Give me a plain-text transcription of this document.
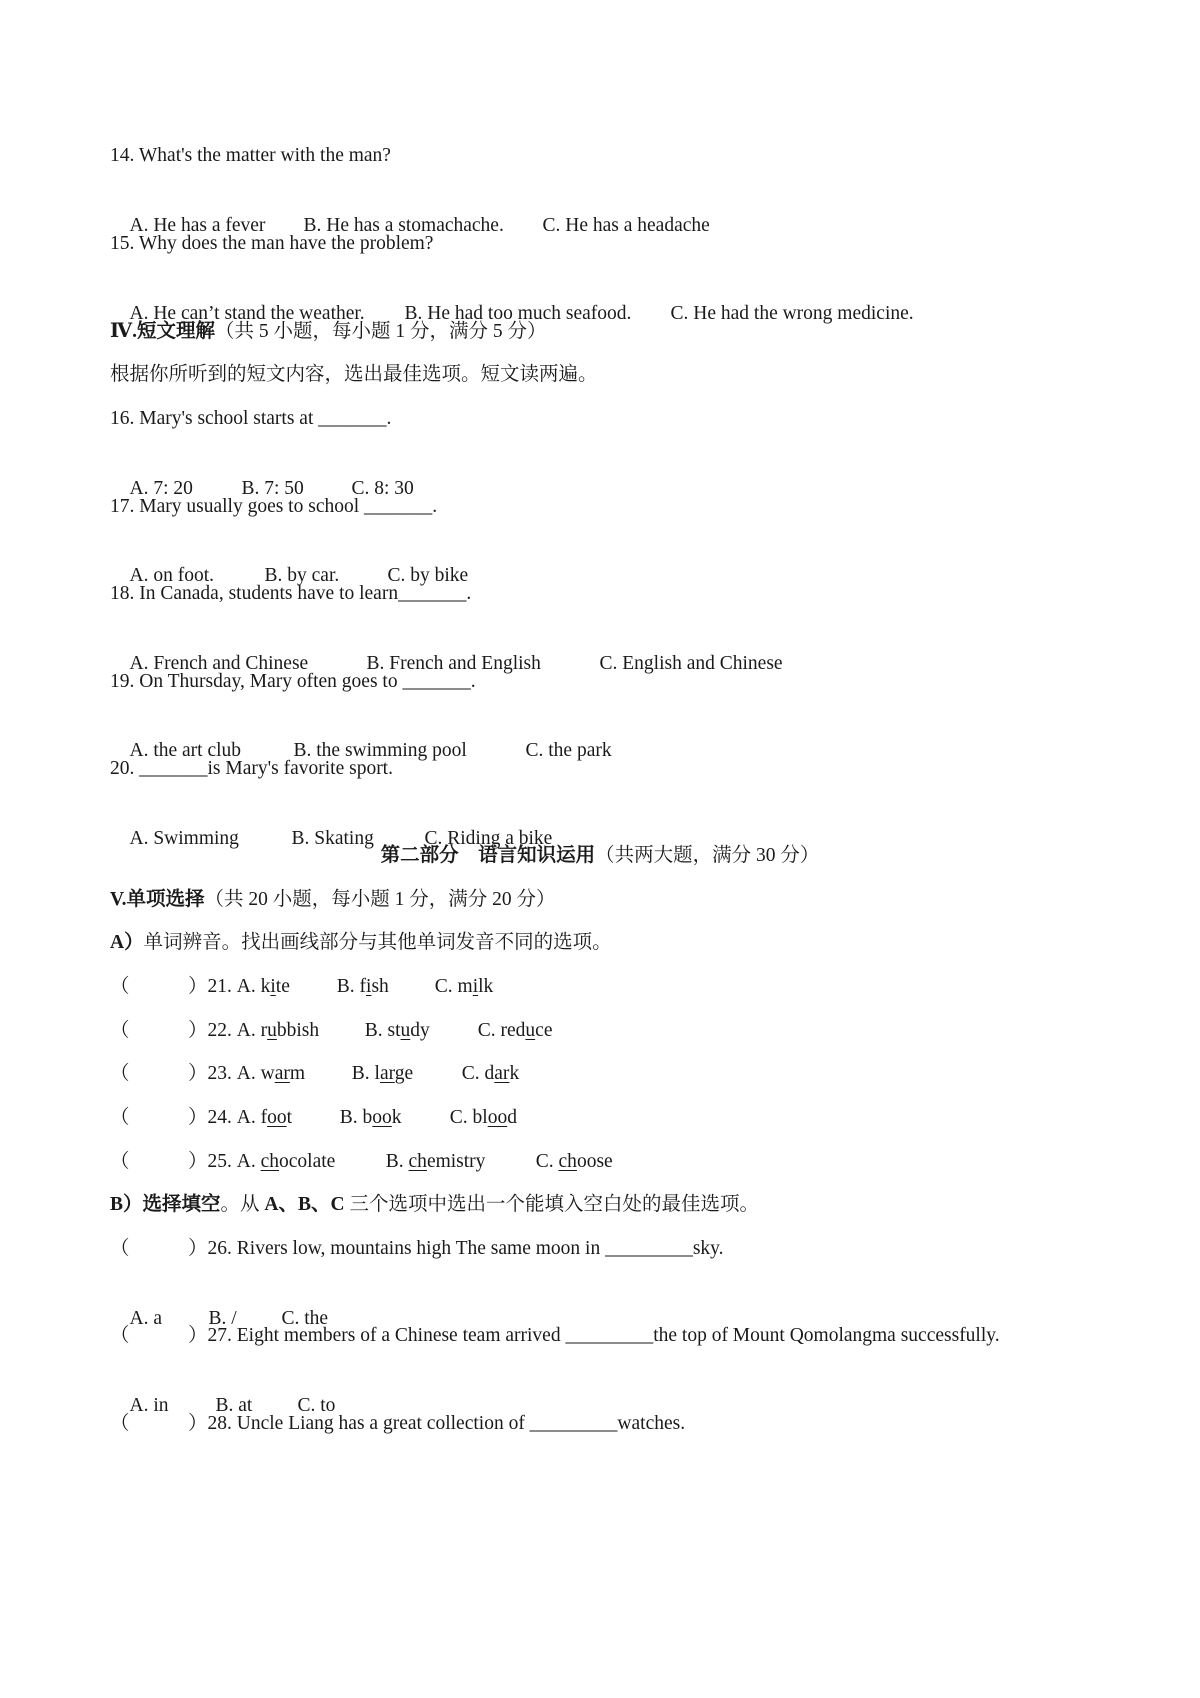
14. What's the matter with the man?

A. He has a fever B. He has a stomachache. C. He has a headache

15. Why does the man have the problem?

A. He can’t stand the weather. B. He had too much seafood. C. He had the wrong medicine.

Ⅳ.短文理解（共 5 小题，每小题 1 分，满分 5 分）
根据你所听到的短文内容，选出最佳选项。短文读两遍。
16. Mary's school starts at _______.

A. 7: 20 B. 7: 50 C. 8: 30

17. Mary usually goes to school _______.

A. on foot.	B. by car. C. by bike

18. In Canada, students have to learn_______.

A. French and Chinese	B. French and English	C. English and Chinese

19. On Thursday, Mary often goes to _______.

A. the art club	B. the swimming pool	C. the park

20. _______is Mary's favorite sport.

A. Swimming	B. Skating	C. Riding a bike

第二部分　语言知识运用（共两大题，满分 30 分）
V.单项选择（共 20 小题，每小题 1 分，满分 20 分）
A）单词辨音。找出画线部分与其他单词发音不同的选项。
（	）21. A. kite B. fish C. milk
（	）22. A. rubbish B. study C. reduce
（	）23. A. warm B. large C. dark
（	）24. A. foot B. book C. blood
（	）25. A. chocolate	B. chemistry	C. choose
B）选择填空。从 A、B、C 三个选项中选出一个能填入空白处的最佳选项。
（	）26. Rivers low, mountains high The same moon in _________sky.

A. a B. / C. the

（	）27. Eight members of a Chinese team arrived _________the top of Mount Qomolangma successfully.

A. in B. at C. to

（	）28. Uncle Liang has a great collection of _________watches.
